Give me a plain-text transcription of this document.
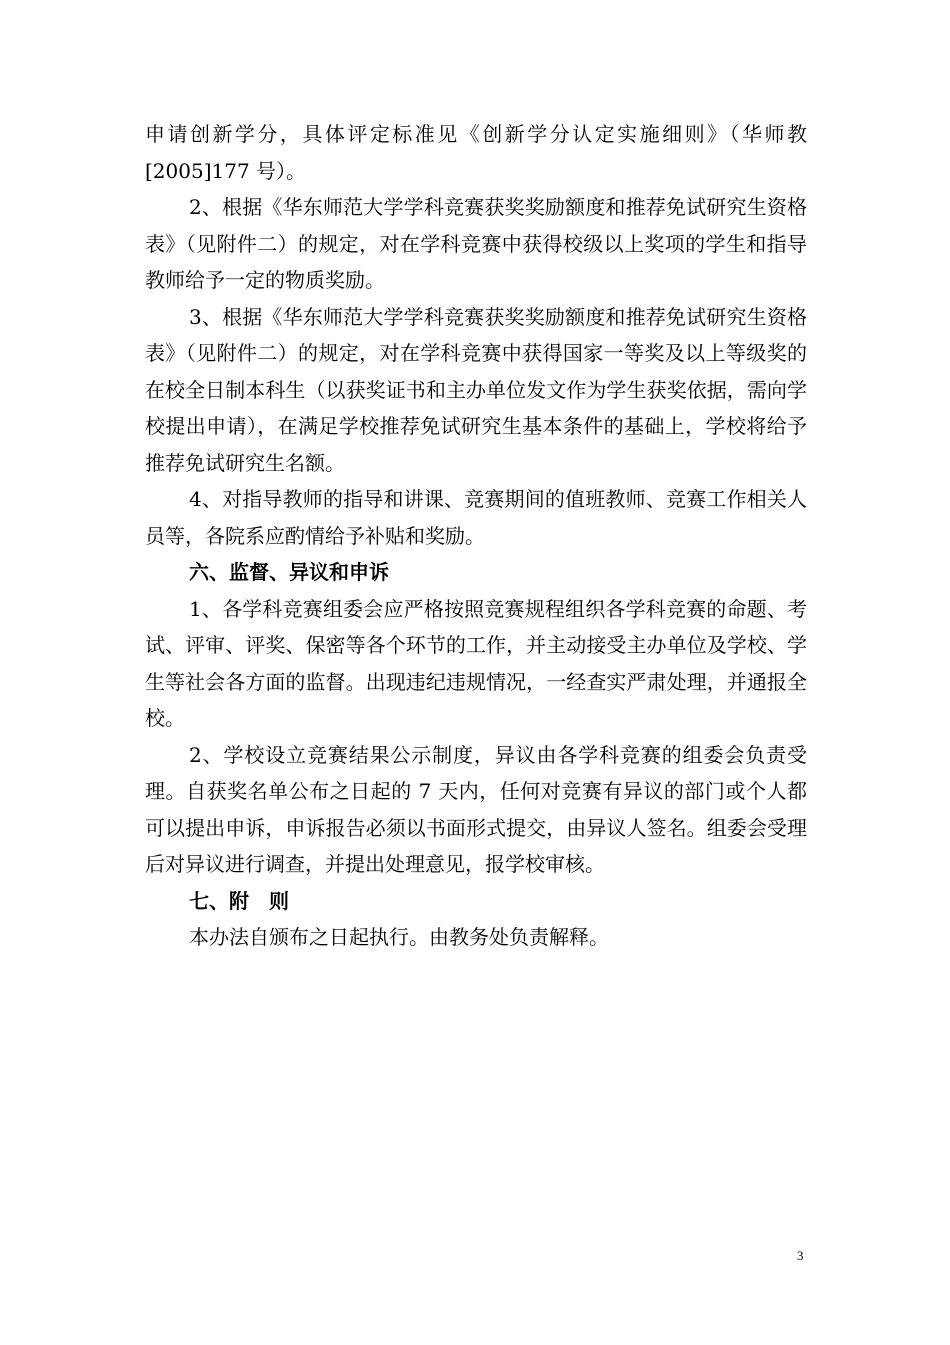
申请创新学分，具体评定标准见《创新学分认定实施细则》（华师教[2005]177 号）。

2、根据《华东师范大学学科竞赛获奖奖励额度和推荐免试研究生资格表》（见附件二）的规定，对在学科竞赛中获得校级以上奖项的学生和指导教师给予一定的物质奖励。

3、根据《华东师范大学学科竞赛获奖奖励额度和推荐免试研究生资格表》（见附件二）的规定，对在学科竞赛中获得国家一等奖及以上等级奖的在校全日制本科生（以获奖证书和主办单位发文作为学生获奖依据，需向学校提出申请），在满足学校推荐免试研究生基本条件的基础上，学校将给予推荐免试研究生名额。

4、对指导教师的指导和讲课、竞赛期间的值班教师、竞赛工作相关人员等，各院系应酌情给予补贴和奖励。

六、监督、异议和申诉

1、各学科竞赛组委会应严格按照竞赛规程组织各学科竞赛的命题、考试、评审、评奖、保密等各个环节的工作，并主动接受主办单位及学校、学生等社会各方面的监督。出现违纪违规情况，一经查实严肃处理，并通报全校。

2、学校设立竞赛结果公示制度，异议由各学科竞赛的组委会负责受理。自获奖名单公布之日起的 7 天内，任何对竞赛有异议的部门或个人都可以提出申诉，申诉报告必须以书面形式提交，由异议人签名。组委会受理后对异议进行调查，并提出处理意见，报学校审核。

七、附　则

本办法自颁布之日起执行。由教务处负责解释。

3
